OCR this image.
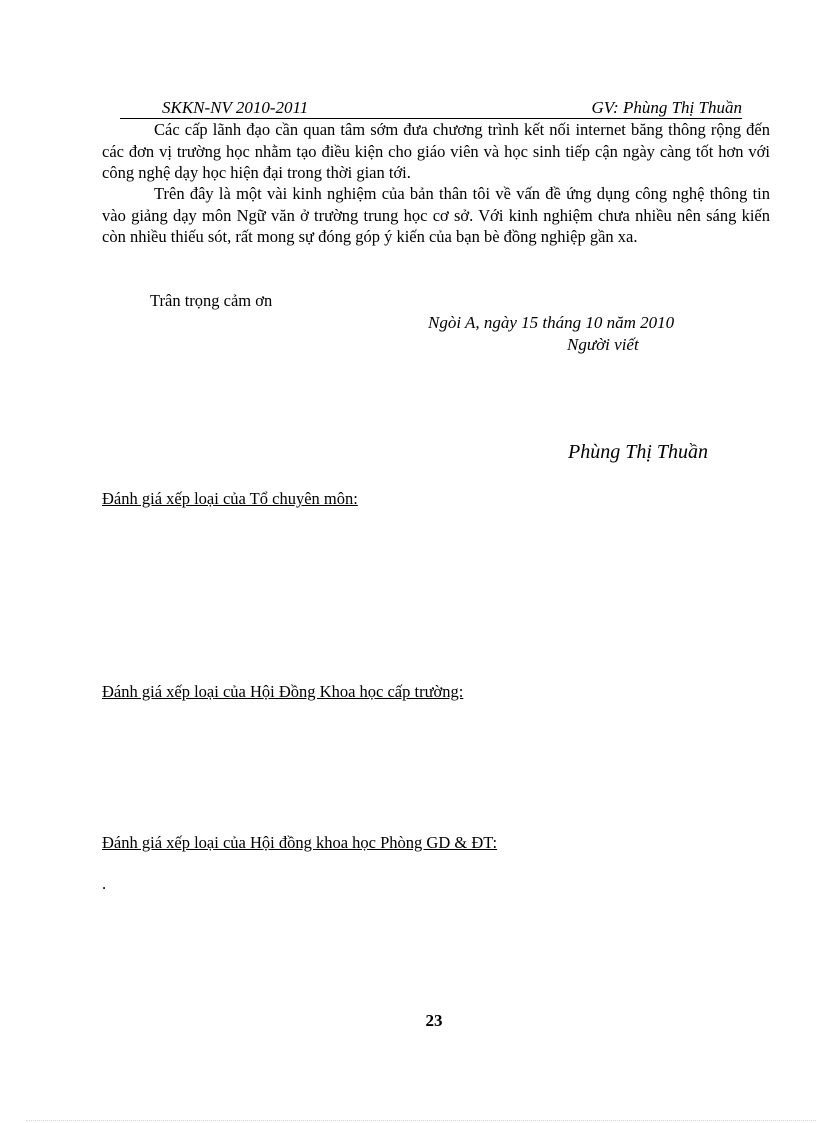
SKKN-NV 2010-2011	GV: Phùng Thị Thuần
Các cấp lãnh đạo cần quan tâm sớm đưa chương trình kết nối internet băng thông rộng đến các đơn vị trường học nhằm tạo điều kiện cho giáo viên và học sinh tiếp cận ngày càng tốt hơn với công nghệ dạy học hiện đại trong thời gian tới.
Trên đây là một vài kinh nghiệm của bản thân tôi về vấn đề ứng dụng công nghệ thông tin vào giảng dạy môn Ngữ văn ở trường trung học cơ sở. Với kinh nghiệm chưa nhiều nên sáng kiến còn nhiều thiếu sót, rất mong sự đóng góp ý kiến của bạn bè đồng nghiệp gần xa.
Trân trọng cảm ơn
Ngòi A, ngày 15 tháng 10 năm 2010
Người viết
Phùng Thị Thuần
Đánh giá xếp loại của Tổ chuyên môn:
Đánh giá xếp loại của Hội Đồng Khoa học cấp trường:
Đánh giá xếp loại của Hội đồng khoa học Phòng GD & ĐT:
.
23
